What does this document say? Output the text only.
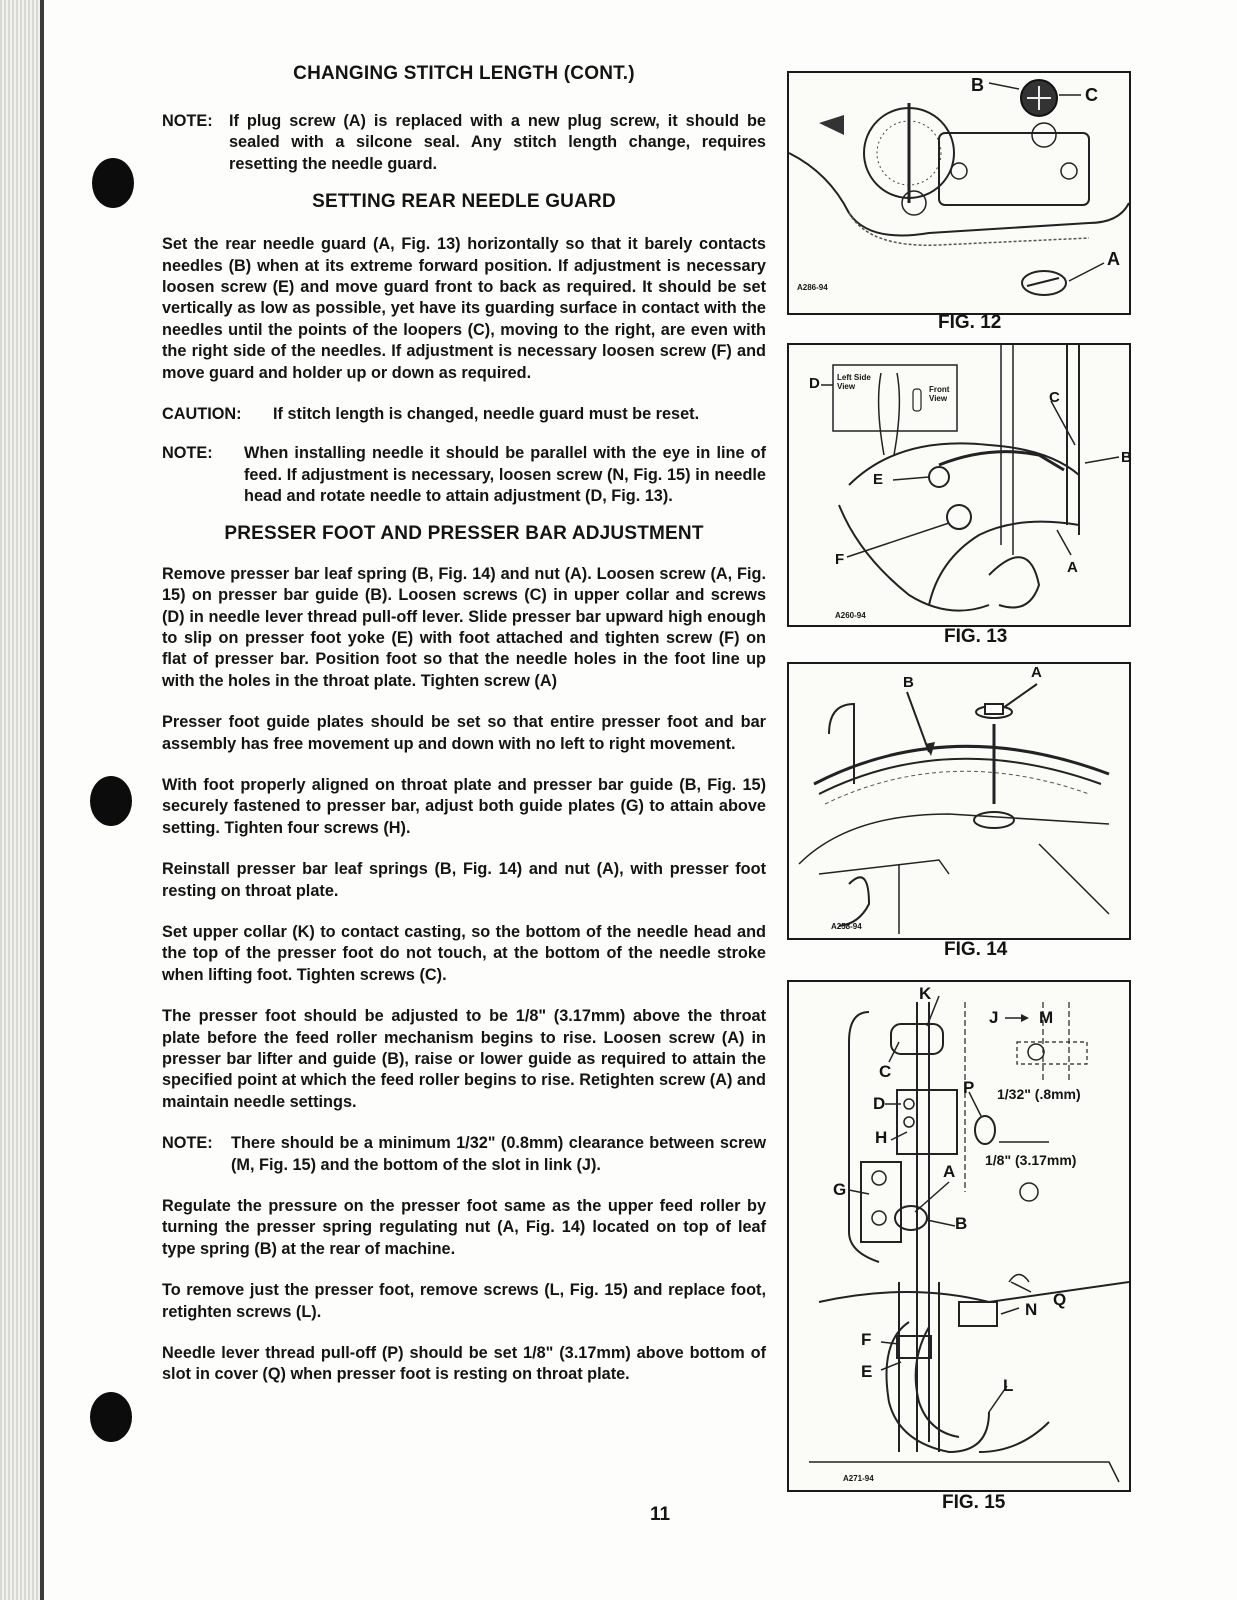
CHANGING STITCH LENGTH (CONT.)
NOTE:	If plug screw (A) is replaced with a new plug screw, it should be sealed with a silcone seal. Any stitch length change, requires resetting the needle guard.
SETTING REAR NEEDLE GUARD

Set the rear needle guard (A, Fig. 13) horizontally so that it barely contacts needles (B) when at its extreme forward position. If adjustment is necessary loosen screw (E) and move guard front to back as required. It should be set vertically as low as possible, yet have its guarding surface in contact with the needles until the points of the loopers (C), moving to the right, are even with the right side of the needles. If adjustment is necessary loosen screw (F) and move guard and holder up or down as required.

CAUTION:	If stitch length is changed, needle guard must be reset.
NOTE:	When installing needle it should be parallel with the eye in line of feed. If adjustment is necessary, loosen screw (N, Fig. 15) in needle head and rotate needle to attain adjustment (D, Fig. 13).
PRESSER FOOT AND PRESSER BAR ADJUSTMENT

Remove presser bar leaf spring (B, Fig. 14) and nut (A). Loosen screw (A, Fig. 15) on presser bar guide (B). Loosen screws (C) in upper collar and screws (D) in needle lever thread pull-off lever. Slide presser bar upward high enough to slip on presser foot yoke (E) with foot attached and tighten screw (F) on flat of presser bar. Position foot so that the needle holes in the foot line up with the holes in the throat plate. Tighten screw (A)

Presser foot guide plates should be set so that entire presser foot and bar assembly has free movement up and down with no left to right movement.

With foot properly aligned on throat plate and presser bar guide (B, Fig. 15) securely fastened to presser bar, adjust both guide plates (G) to attain above setting. Tighten four screws (H).

Reinstall presser bar leaf springs (B, Fig. 14) and nut (A), with presser foot resting on throat plate.

Set upper collar (K) to contact casting, so the bottom of the needle head and the top of the presser foot do not touch, at the bottom of the needle stroke when lifting foot. Tighten screws (C).

The presser foot should be adjusted to be 1/8" (3.17mm) above the throat plate before the feed roller mechanism begins to rise. Loosen screw (A) in presser bar lifter and guide (B), raise or lower guide as required to attain the specified point at which the feed roller begins to rise. Retighten screw (A) and maintain needle settings.

NOTE:	There should be a minimum 1/32" (0.8mm) clearance between screw (M, Fig. 15) and the bottom of the slot in link (J).

Regulate the pressure on the presser foot same as the upper feed roller by turning the presser spring regulating nut (A, Fig. 14) located on top of leaf type spring (B) at the rear of machine.

To remove just the presser foot, remove screws (L, Fig. 15) and replace foot, retighten screws (L).

Needle lever thread pull-off (P) should be set 1/8" (3.17mm) above bottom of slot in cover (Q) when presser foot is resting on throat plate.

B	C
A
A286-94
FIG. 12
D
C
B
E
F	A
Left Side View	Front View
A260-94
FIG. 13
B
A
A258-94
FIG. 14
K
J M
C
P
D
H
A
G
B
N
Q
F
E
L
1/32" (.8mm)
1/8" (3.17mm)
A271-94
FIG. 15
11
